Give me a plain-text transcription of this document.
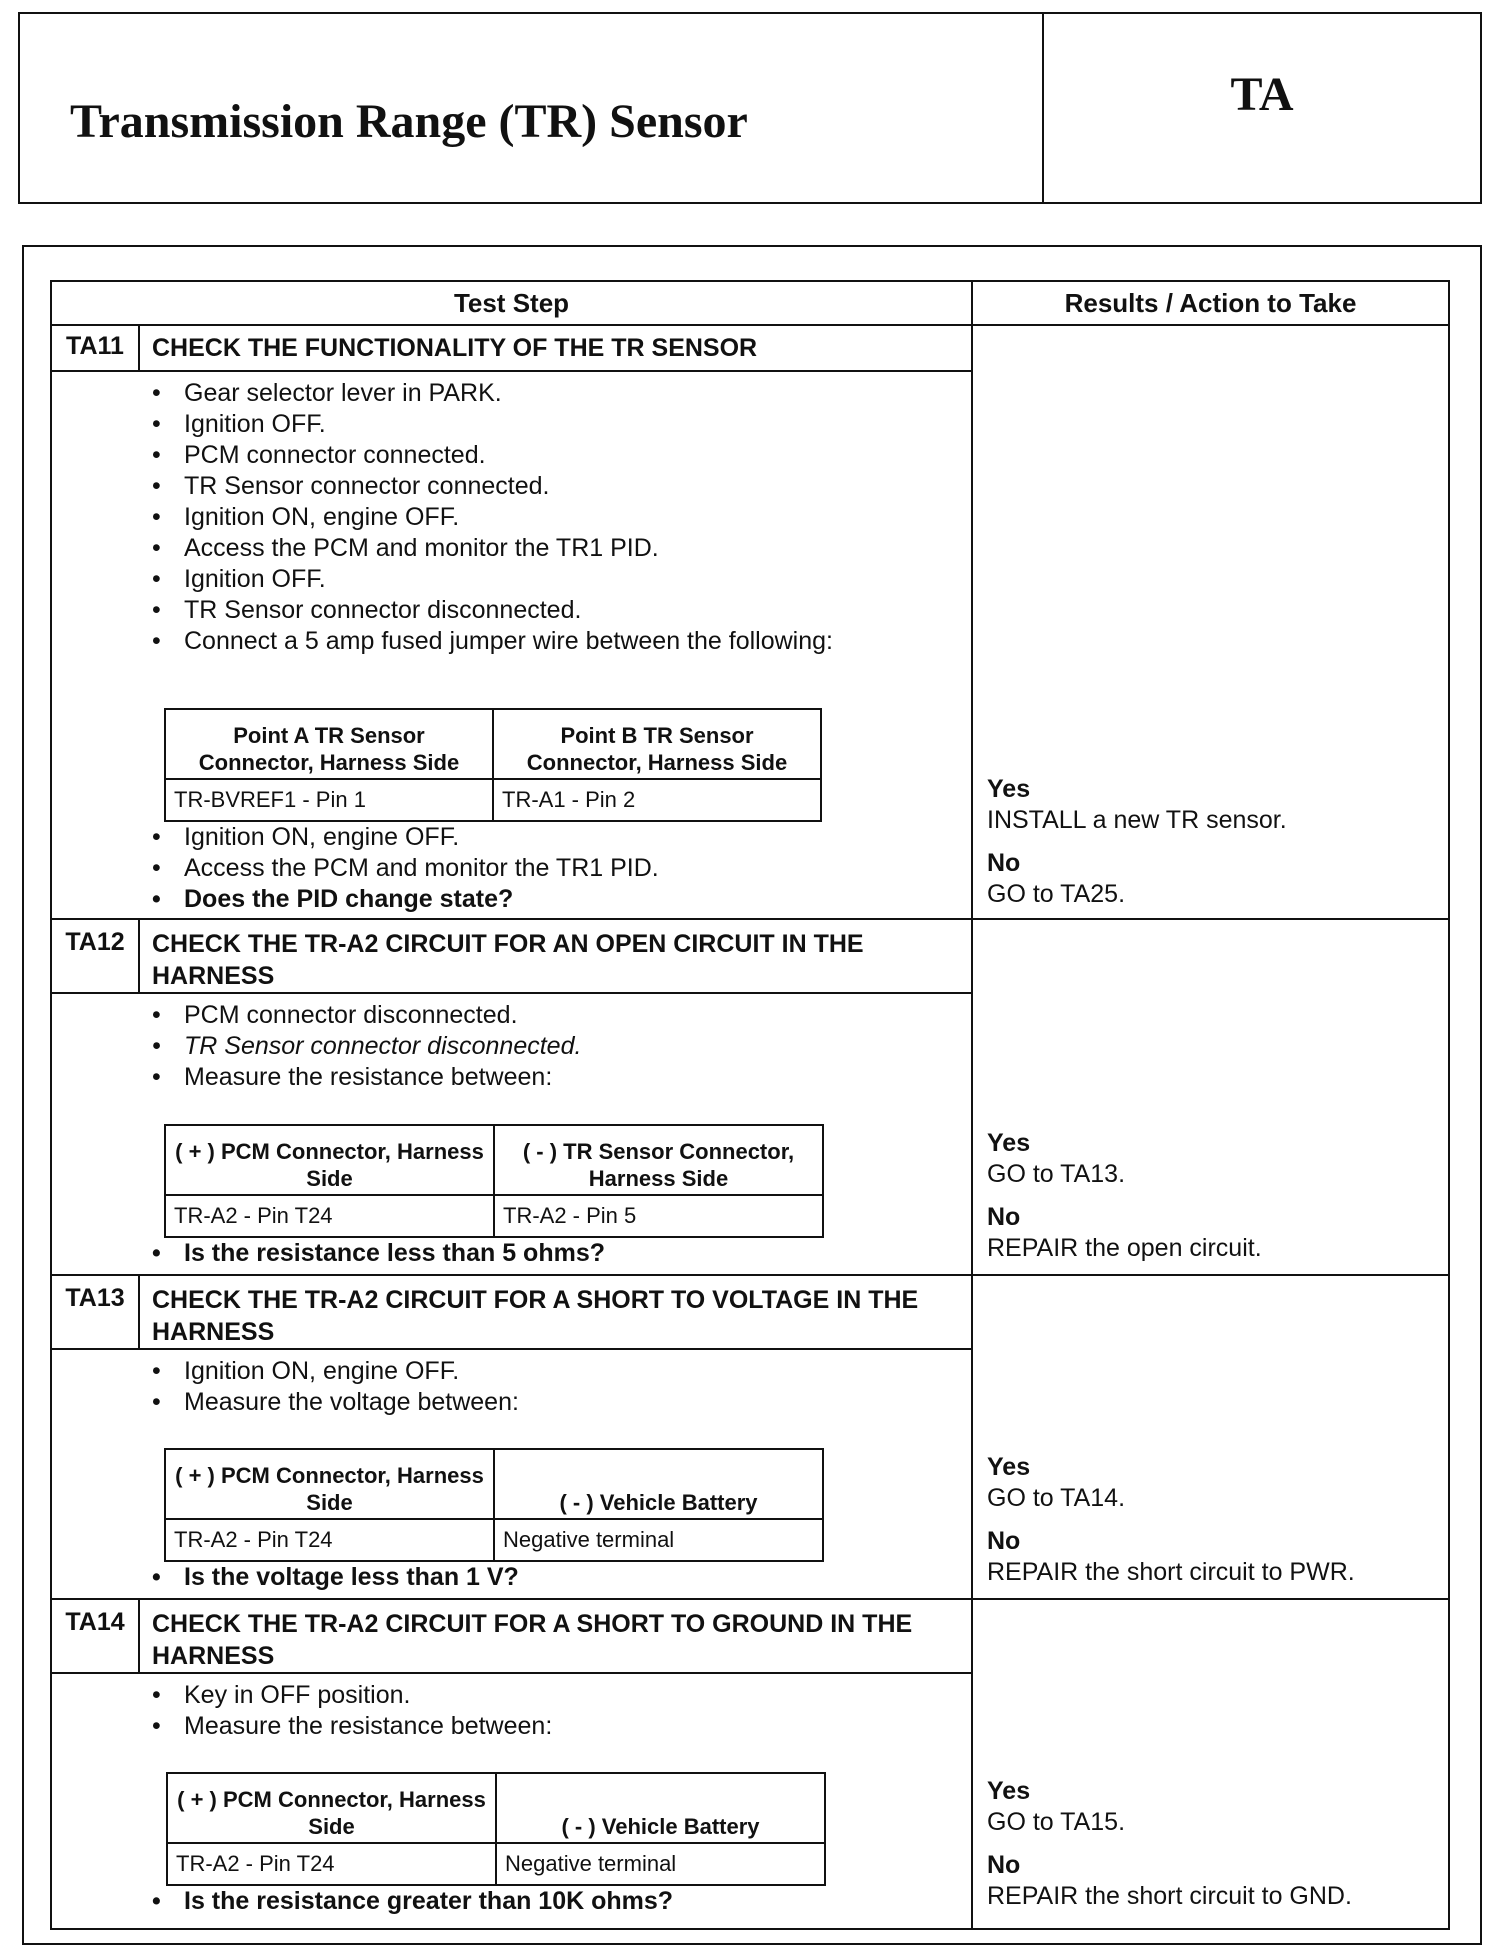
Transmission Range (TR) Sensor
TA
Test Step	Results / Action to Take
TA11	CHECK THE FUNCTIONALITY OF THE TR SENSOR
• Gear selector lever in PARK.
• Ignition OFF.
• PCM connector connected.
• TR Sensor connector connected.
• Ignition ON, engine OFF.
• Access the PCM and monitor the TR1 PID.
• Ignition OFF.
• TR Sensor connector disconnected.
• Connect a 5 amp fused jumper wire between the following:
Point A TR Sensor Connector, Harness Side	Point B TR Sensor Connector, Harness Side
TR-BVREF1 - Pin 1	TR-A1 - Pin 2
• Ignition ON, engine OFF.
• Access the PCM and monitor the TR1 PID.
• Does the PID change state?
Yes
INSTALL a new TR sensor.
No
GO to TA25.
TA12	CHECK THE TR-A2 CIRCUIT FOR AN OPEN CIRCUIT IN THE HARNESS
• PCM connector disconnected.
• TR Sensor connector disconnected.
• Measure the resistance between:
( + ) PCM Connector, Harness Side	( - ) TR Sensor Connector, Harness Side
TR-A2 - Pin T24	TR-A2 - Pin 5
• Is the resistance less than 5 ohms?
Yes
GO to TA13.
No
REPAIR the open circuit.
TA13	CHECK THE TR-A2 CIRCUIT FOR A SHORT TO VOLTAGE IN THE HARNESS
• Ignition ON, engine OFF.
• Measure the voltage between:
( + ) PCM Connector, Harness Side	( - ) Vehicle Battery
TR-A2 - Pin T24	Negative terminal
• Is the voltage less than 1 V?
Yes
GO to TA14.
No
REPAIR the short circuit to PWR.
TA14	CHECK THE TR-A2 CIRCUIT FOR A SHORT TO GROUND IN THE HARNESS
• Key in OFF position.
• Measure the resistance between:
( + ) PCM Connector, Harness Side	( - ) Vehicle Battery
TR-A2 - Pin T24	Negative terminal
• Is the resistance greater than 10K ohms?
Yes
GO to TA15.
No
REPAIR the short circuit to GND.
